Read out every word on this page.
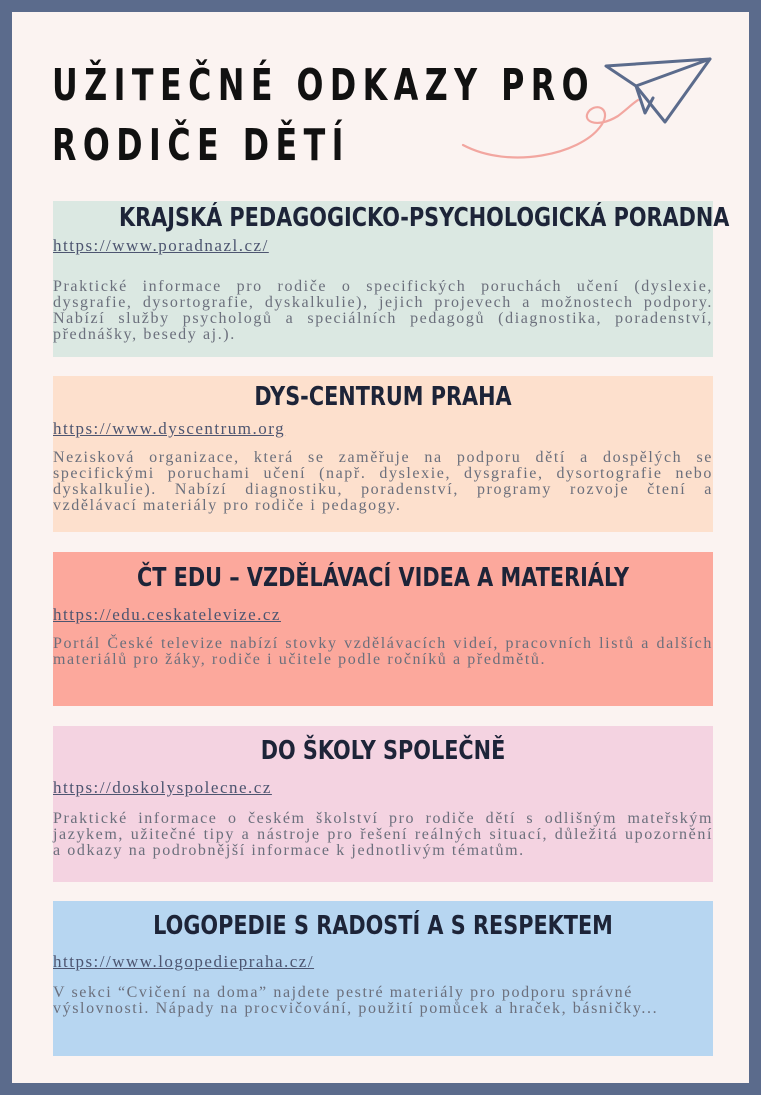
UŽITEČNÉ ODKAZY PRO
RODIČE DĚTÍ
KRAJSKÁ PEDAGOGICKO-PSYCHOLOGICKÁ PORADNA
https://www.poradnazl.cz/

Praktické informace pro rodiče o specifických poruchách učení (dyslexie, dysgrafie, dysortografie, dyskalkulie), jejich projevech a možnostech podpory. Nabízí služby psychologů a speciálních pedagogů (diagnostika, poradenství, přednášky, besedy aj.).

DYS-CENTRUM PRAHA
https://www.dyscentrum.org

Nezisková organizace, která se zaměřuje na podporu dětí a dospělých se specifickými poruchami učení (např. dyslexie, dysgrafie, dysortografie nebo dyskalkulie). Nabízí diagnostiku, poradenství, programy rozvoje čtení a vzdělávací materiály pro rodiče i pedagogy.

ČT EDU – VZDĚLÁVACÍ VIDEA A MATERIÁLY
https://edu.ceskatelevize.cz

Portál České televize nabízí stovky vzdělávacích videí, pracovních listů a dalších materiálů pro žáky, rodiče i učitele podle ročníků a předmětů.

DO ŠKOLY SPOLEČNĚ
https://doskolyspolecne.cz

Praktické informace o českém školství pro rodiče dětí s odlišným mateřským jazykem, užitečné tipy a nástroje pro řešení reálných situací, důležitá upozornění a odkazy na podrobnější informace k jednotlivým tématům.

LOGOPEDIE S RADOSTÍ A S RESPEKTEM
https://www.logopediepraha.cz/

V sekci “Cvičení na doma” najdete pestré materiály pro podporu správné výslovnosti. Nápady na procvičování, použití pomůcek a hraček, básničky...
